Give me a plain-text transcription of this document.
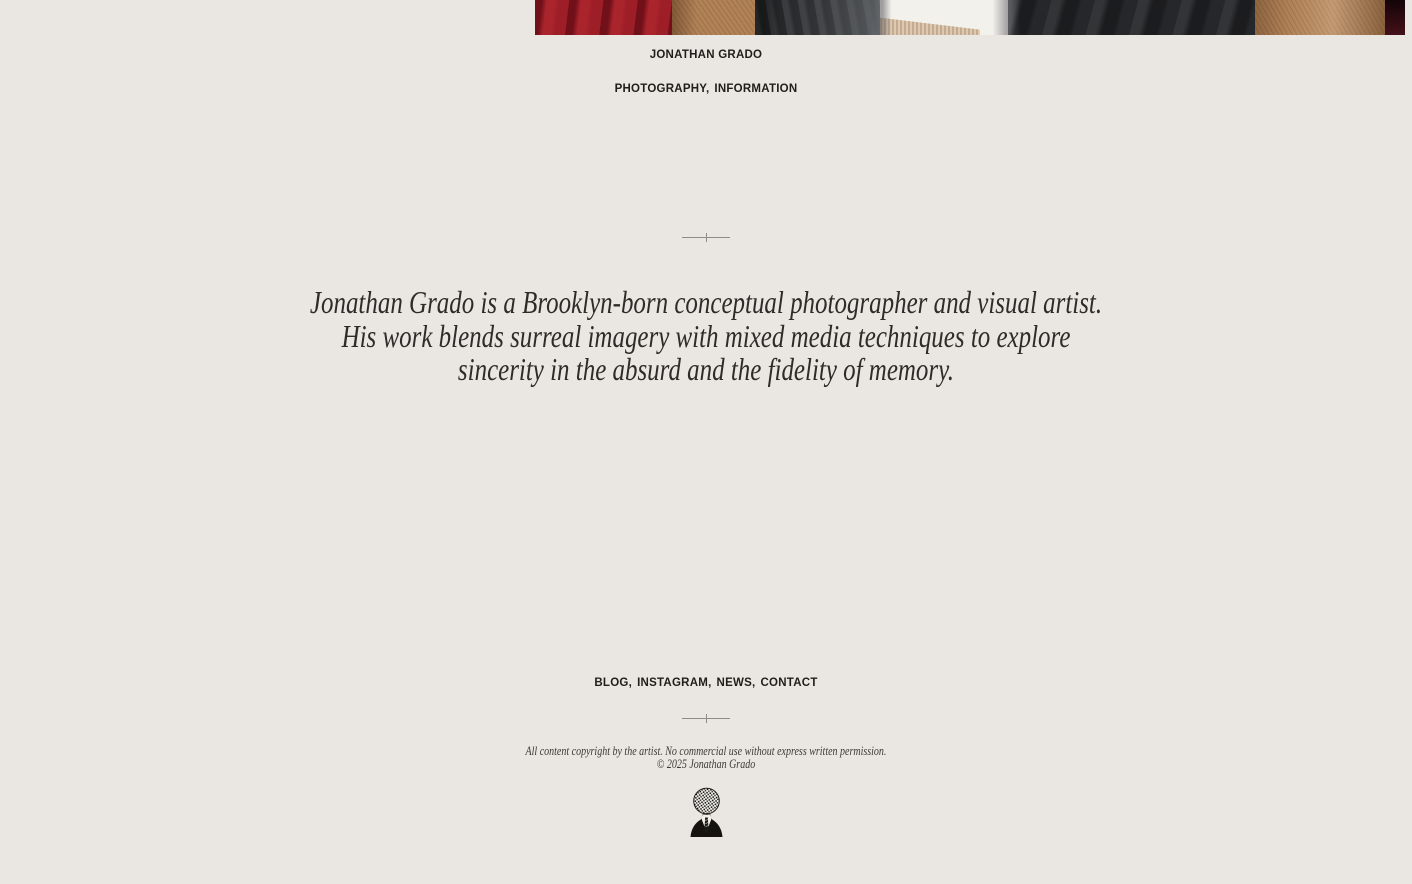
JONATHAN GRADO
PHOTOGRAPHY, INFORMATION
Jonathan Grado is a Brooklyn-born conceptual photographer and visual artist.
His work blends surreal imagery with mixed media techniques to explore
sincerity in the absurd and the fidelity of memory.
BLOG, INSTAGRAM, NEWS, CONTACT
All content copyright by the artist. No commercial use without express written permission.
© 2025 Jonathan Grado
